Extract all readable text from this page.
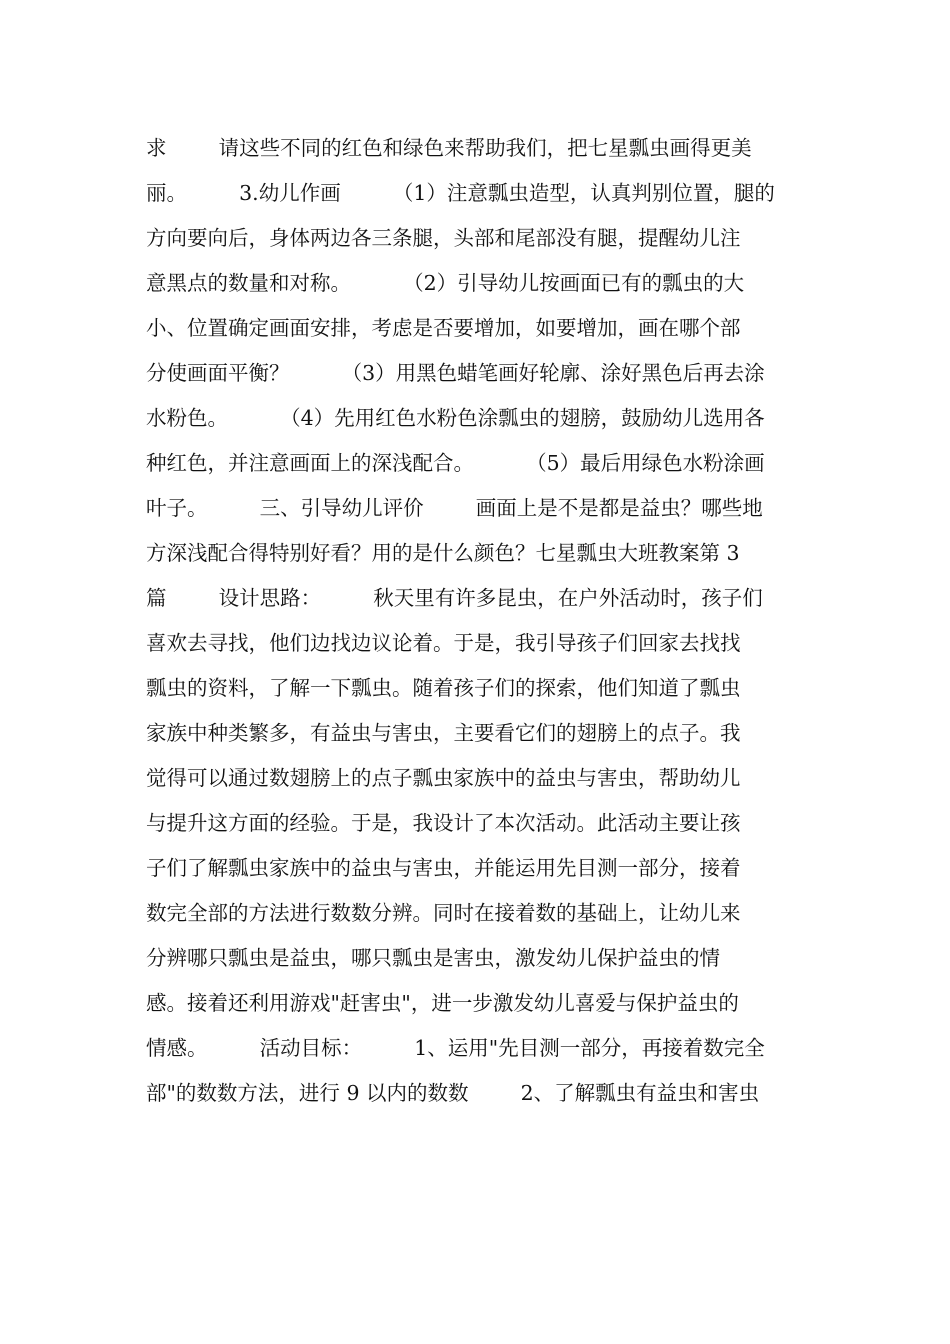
求        请这些不同的红色和绿色来帮助我们，把七星瓢虫画得更美
丽。        3.幼儿作画        （1）注意瓢虫造型，认真判别位置，腿的
方向要向后，身体两边各三条腿，头部和尾部没有腿，提醒幼儿注
意黑点的数量和对称。        （2）引导幼儿按画面已有的瓢虫的大
小、位置确定画面安排，考虑是否要增加，如要增加，画在哪个部
分使画面平衡？        （3）用黑色蜡笔画好轮廓、涂好黑色后再去涂
水粉色。        （4）先用红色水粉色涂瓢虫的翅膀，鼓励幼儿选用各
种红色，并注意画面上的深浅配合。        （5）最后用绿色水粉涂画
叶子。        三、引导幼儿评价        画面上是不是都是益虫？哪些地
方深浅配合得特别好看？用的是什么颜色？七星瓢虫大班教案第 3
篇        设计思路：        秋天里有许多昆虫，在户外活动时，孩子们
喜欢去寻找，他们边找边议论着。于是，我引导孩子们回家去找找
瓢虫的资料，了解一下瓢虫。随着孩子们的探索，他们知道了瓢虫
家族中种类繁多，有益虫与害虫，主要看它们的翅膀上的点子。我
觉得可以通过数翅膀上的点子瓢虫家族中的益虫与害虫，帮助幼儿
与提升这方面的经验。于是，我设计了本次活动。此活动主要让孩
子们了解瓢虫家族中的益虫与害虫，并能运用先目测一部分，接着
数完全部的方法进行数数分辨。同时在接着数的基础上，让幼儿来
分辨哪只瓢虫是益虫，哪只瓢虫是害虫，激发幼儿保护益虫的情
感。接着还利用游戏"赶害虫"，进一步激发幼儿喜爱与保护益虫的
情感。        活动目标：        1、运用"先目测一部分，再接着数完全
部"的数数方法，进行 9 以内的数数        2、了解瓢虫有益虫和害虫
